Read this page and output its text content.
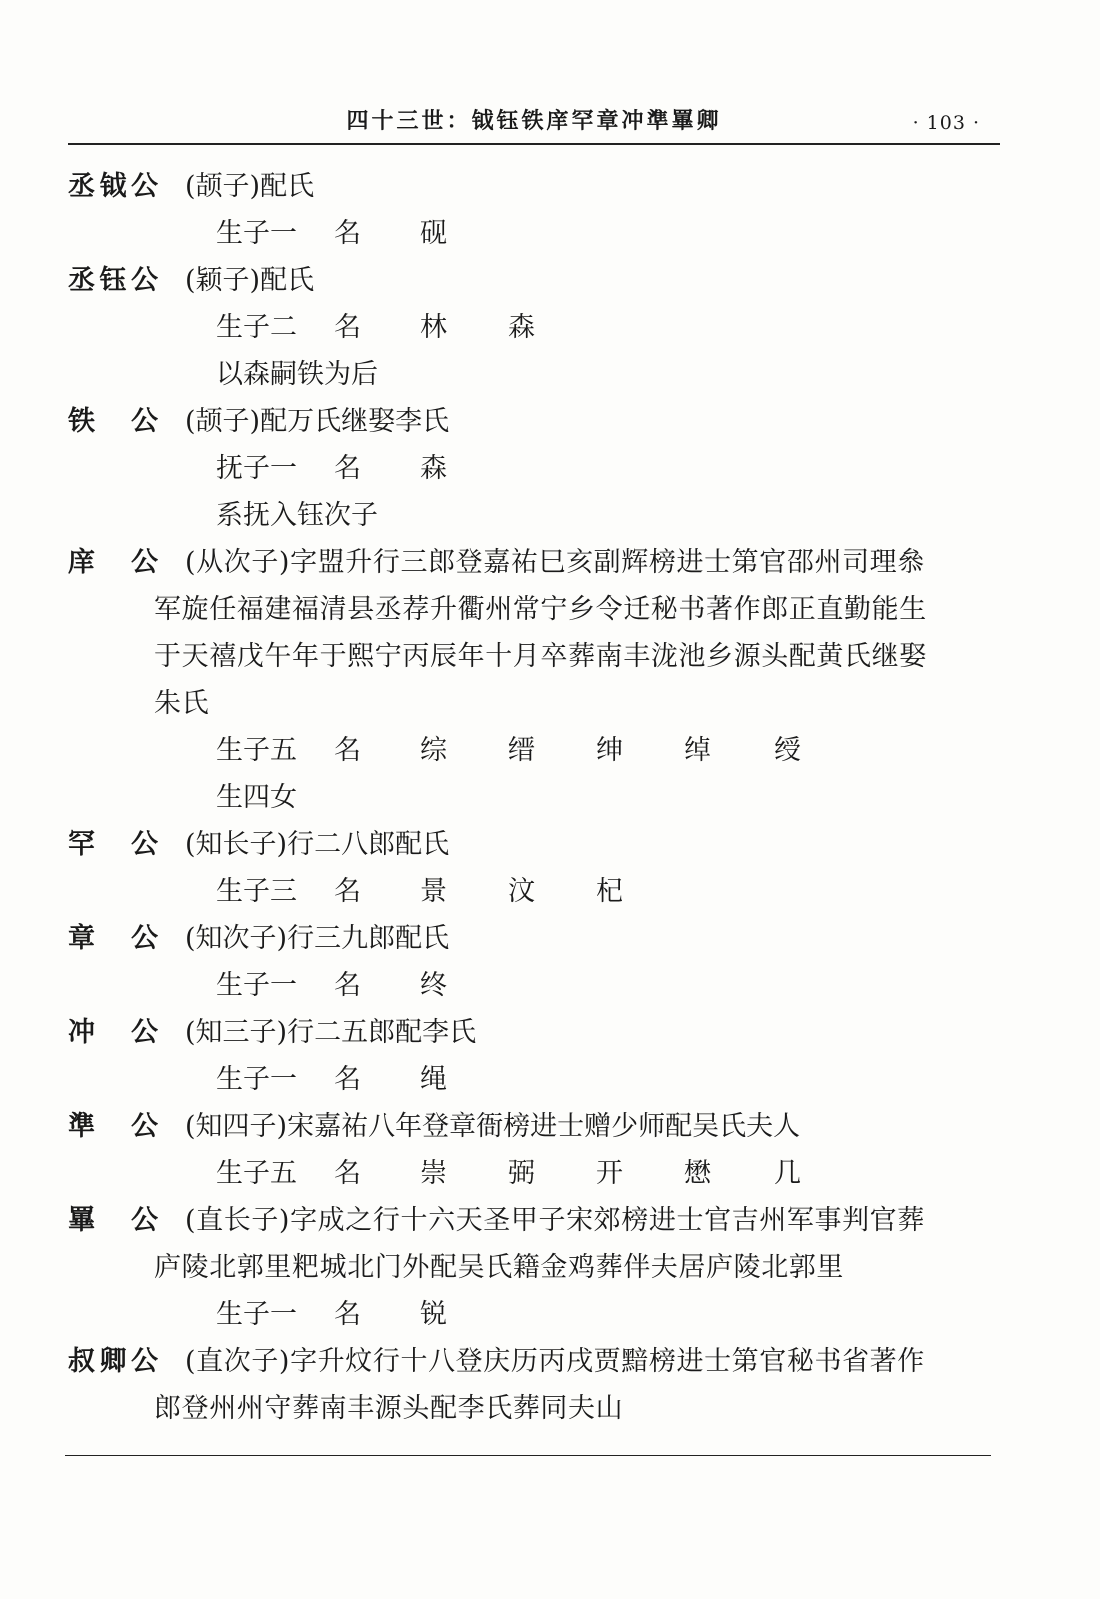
四十三世：钺钰铁庠罕章冲準罼卿	· 103 ·
丞 钺 公 (颉子)配氏
生子一 名 砚
丞 钰 公 (颖子)配氏
生子二 名 林 森
以森嗣铁为后
铁 公 (颉子)配万氏继娶李氏
抚子一 名 森
系抚入钰次子
庠 公 (从次子)字盟升行三郎登嘉祐巳亥副辉榜进士第官邵州司理叅
军旋任福建福清县丞荐升衢州常宁乡令迁秘书著作郎正直勤能生
于天禧戊午年于熙宁丙辰年十月卒葬南丰泷池乡源头配黄氏继娶
朱氏
生子五 名 综 缙 绅 绰 绶
生四女
罕 公 (知长子)行二八郎配氏
生子三 名 景 汶 杞
章 公 (知次子)行三九郎配氏
生子一 名 终
冲 公 (知三子)行二五郎配李氏
生子一 名 绳
準 公 (知四子)宋嘉祐八年登章衙榜进士赠少师配吴氏夫人
生子五 名 崇 弼 开 懋 几
罼 公 (直长子)字成之行十六天圣甲子宋郊榜进士官吉州军事判官葬
庐陵北郭里粑城北门外配吴氏籍金鸡葬伴夫居庐陵北郭里
生子一 名 锐
叔 卿 公 (直次子)字升炆行十八登庆历丙戌贾黯榜进士第官秘书省著作
郎登州州守葬南丰源头配李氏葬同夫山
